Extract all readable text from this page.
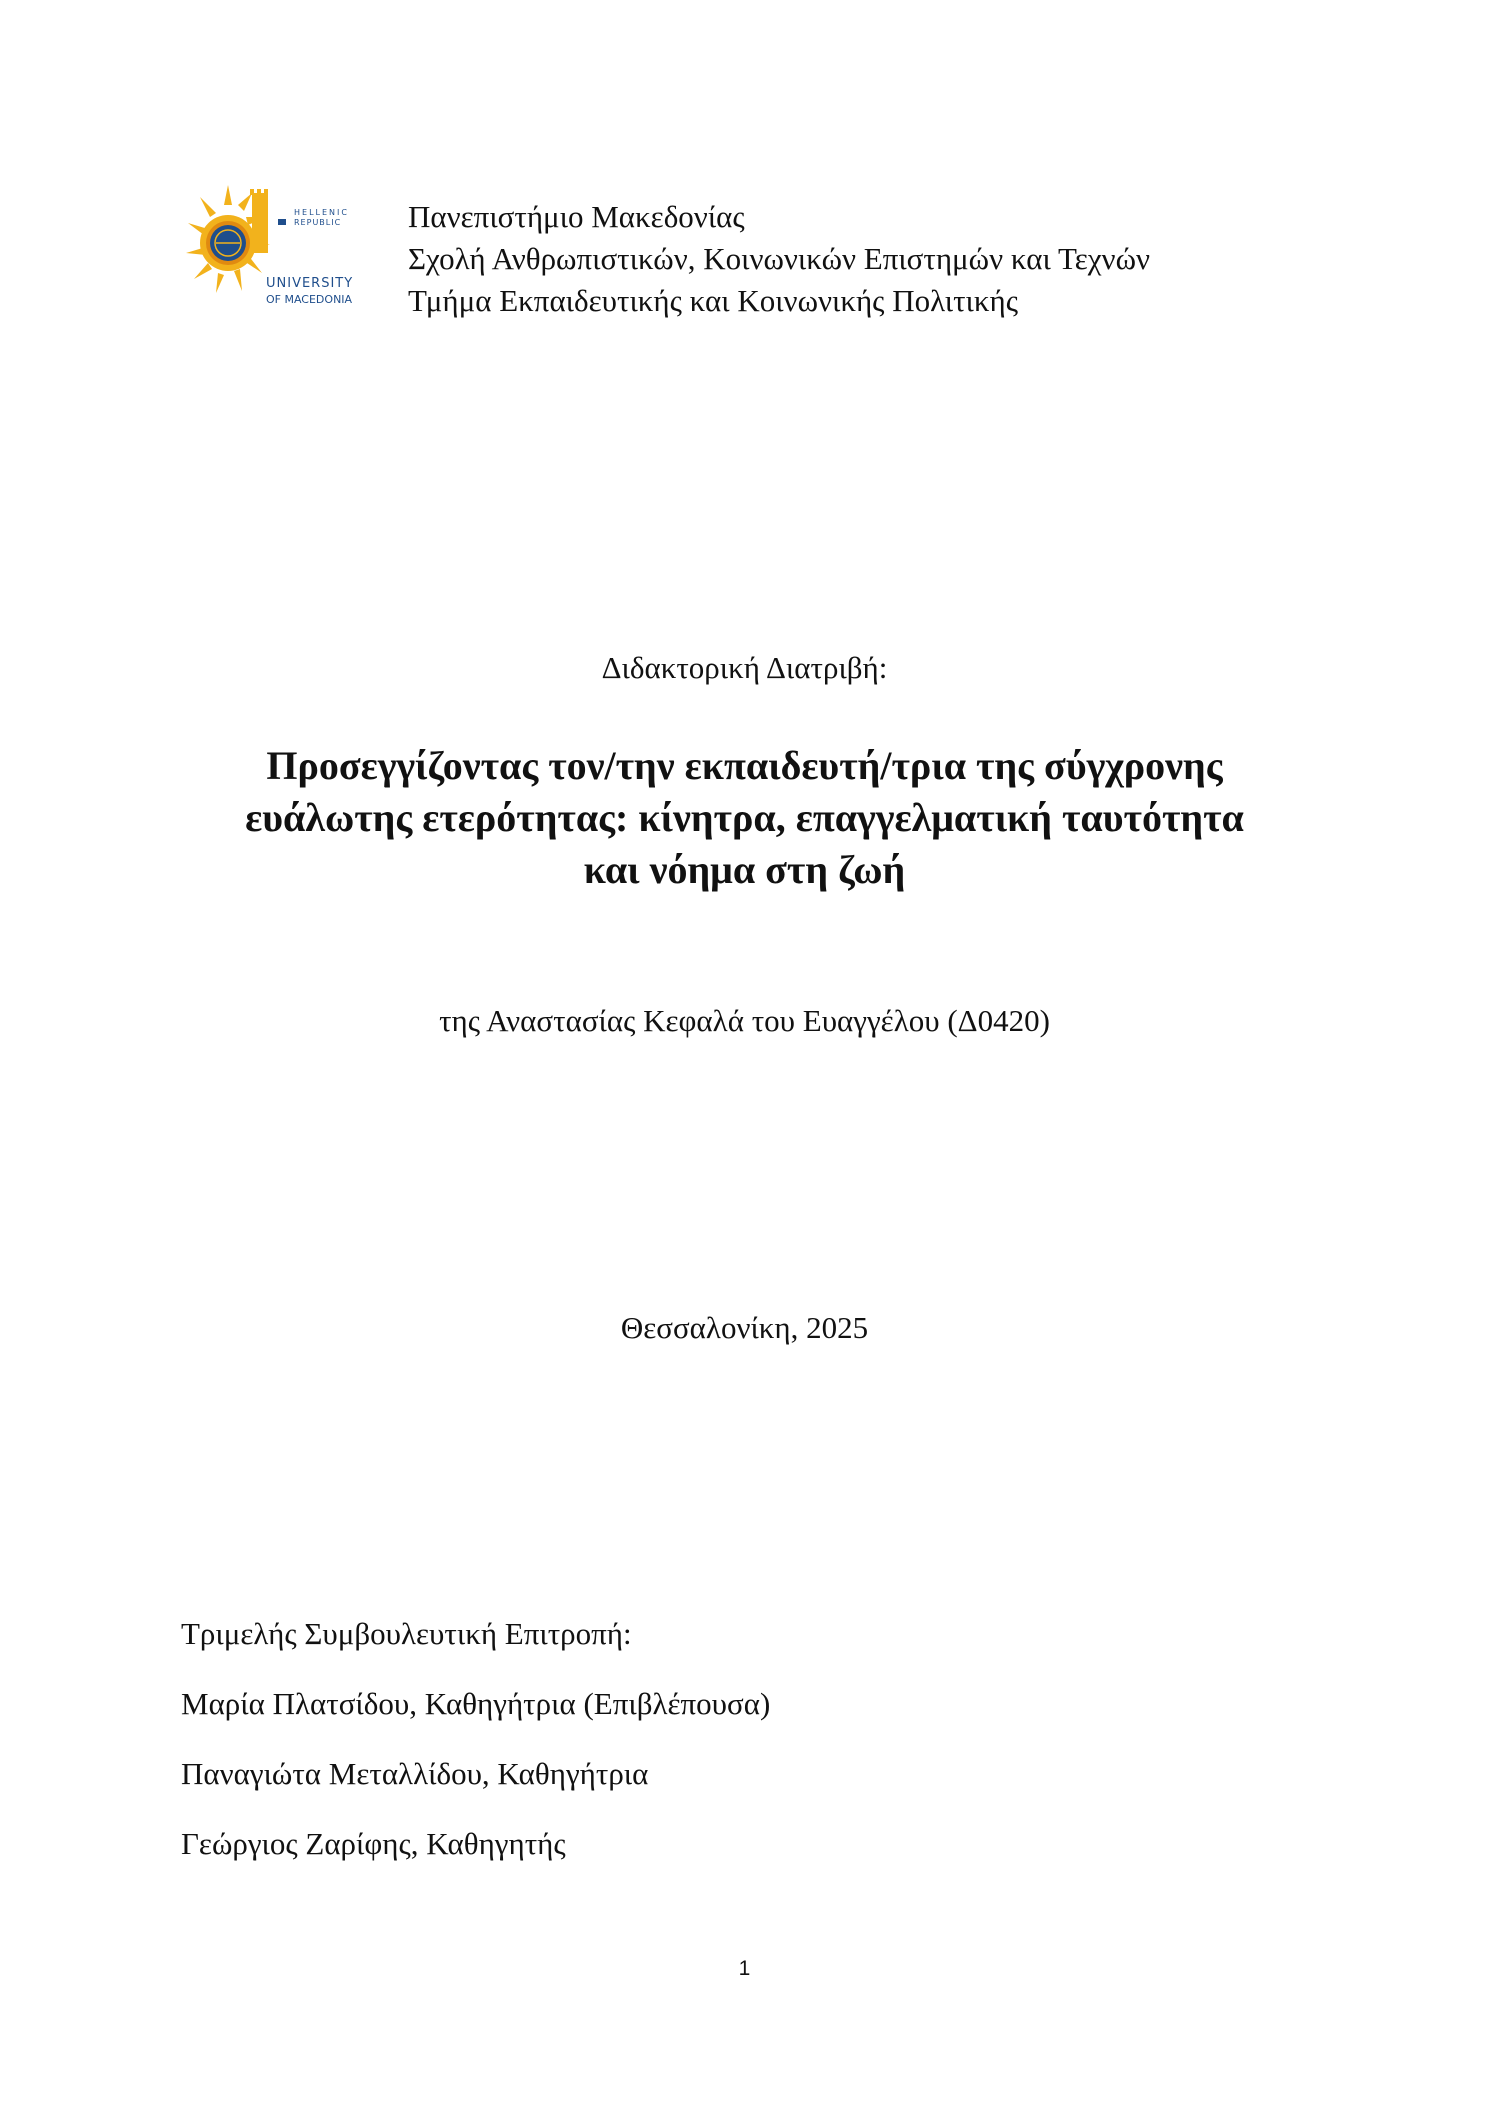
HELLENIC
REPUBLIC
UNIVERSITY
OF MACEDONIA
Πανεπιστήμιο Μακεδονίας
Σχολή Ανθρωπιστικών, Κοινωνικών Επιστημών και Τεχνών
Τμήμα Εκπαιδευτικής και Κοινωνικής Πολιτικής
Διδακτορική Διατριβή:
Προσεγγίζοντας τον/την εκπαιδευτή/τρια της σύγχρονης
ευάλωτης ετερότητας: κίνητρα, επαγγελματική ταυτότητα
και νόημα στη ζωή
της Αναστασίας Κεφαλά του Ευαγγέλου (Δ0420)
Θεσσαλονίκη, 2025
Τριμελής Συμβουλευτική Επιτροπή:
Μαρία Πλατσίδου, Καθηγήτρια (Επιβλέπουσα)
Παναγιώτα Μεταλλίδου, Καθηγήτρια
Γεώργιος Ζαρίφης, Καθηγητής
1
